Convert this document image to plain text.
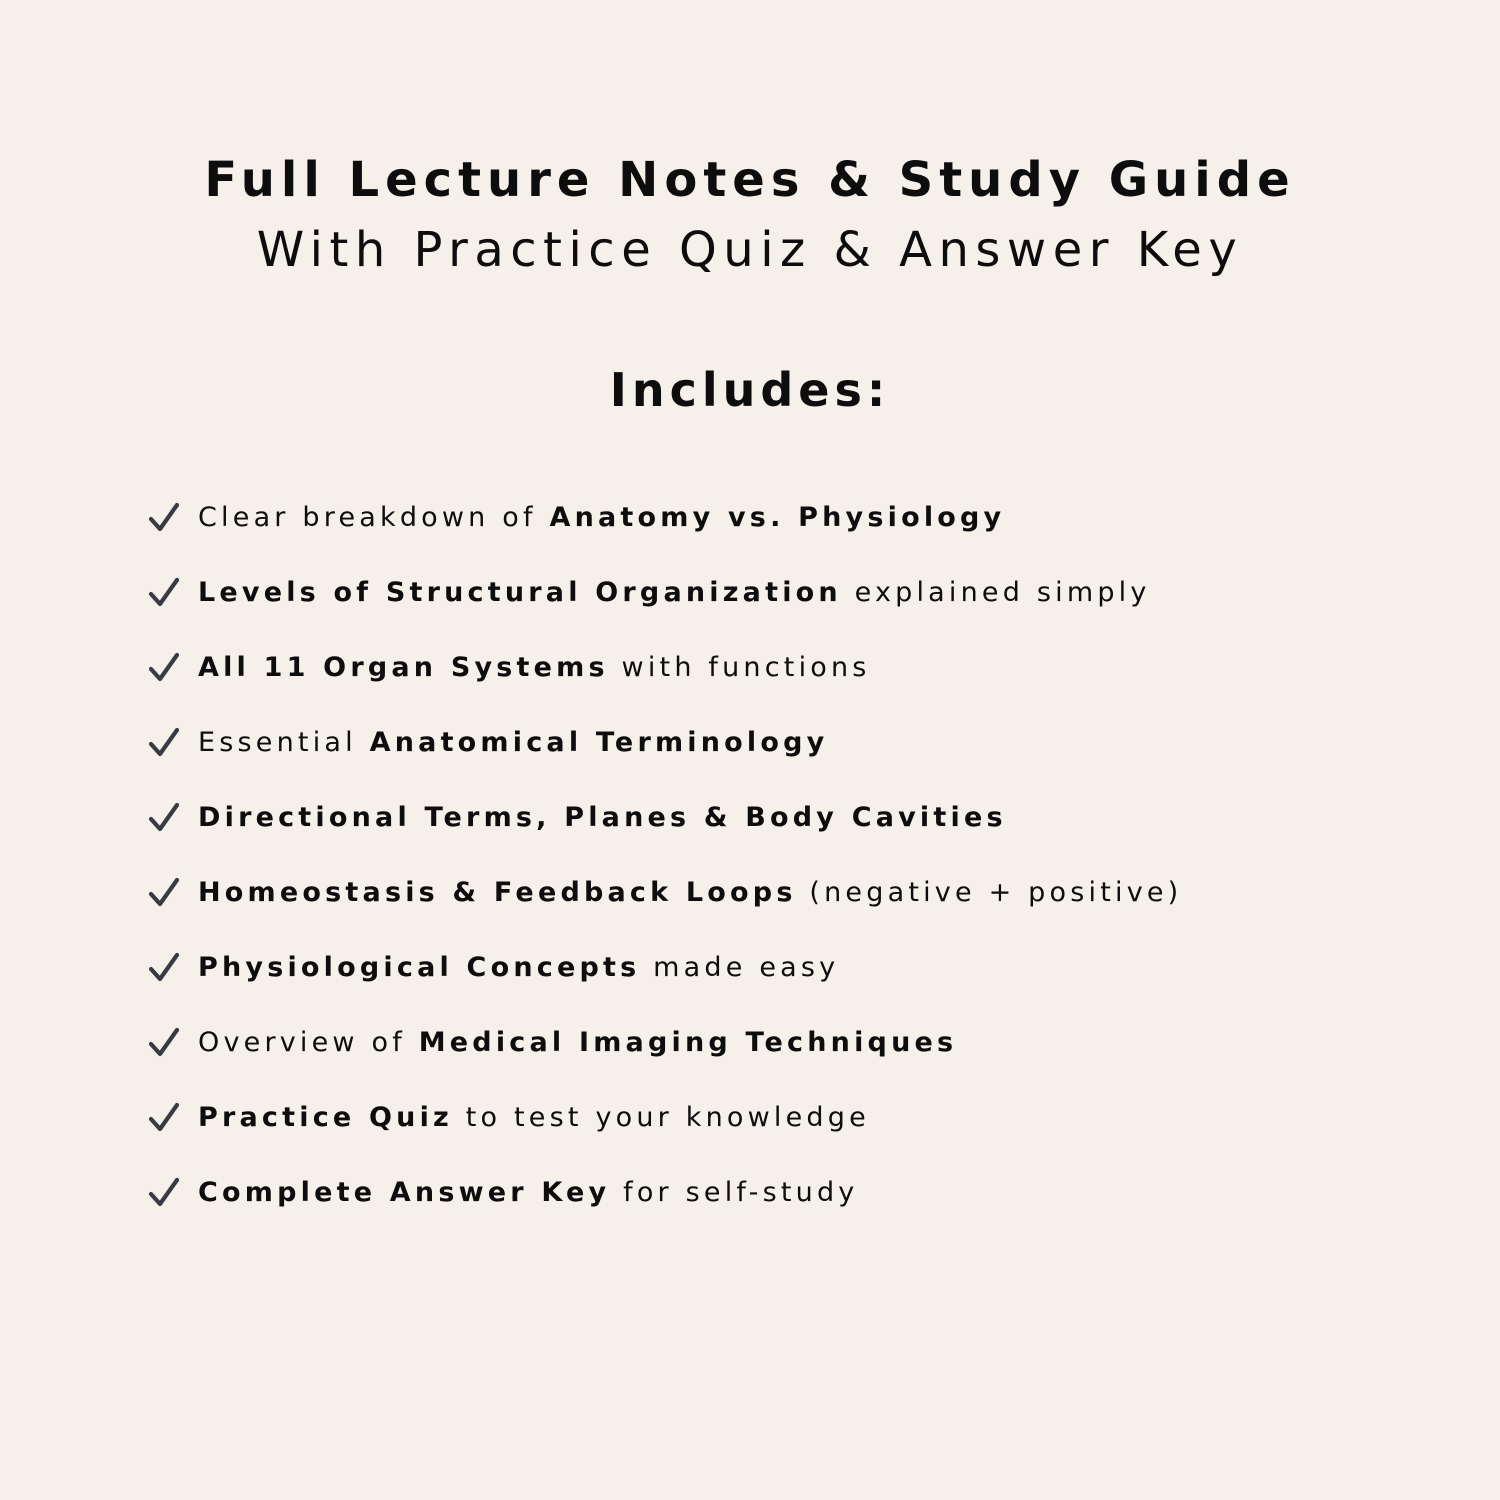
Full Lecture Notes & Study Guide
With Practice Quiz & Answer Key
Includes:
Clear breakdown of Anatomy vs. Physiology
Levels of Structural Organization explained simply
All 11 Organ Systems with functions
Essential Anatomical Terminology
Directional Terms, Planes & Body Cavities
Homeostasis & Feedback Loops (negative + positive)
Physiological Concepts made easy
Overview of Medical Imaging Techniques
Practice Quiz to test your knowledge
Complete Answer Key for self-study
